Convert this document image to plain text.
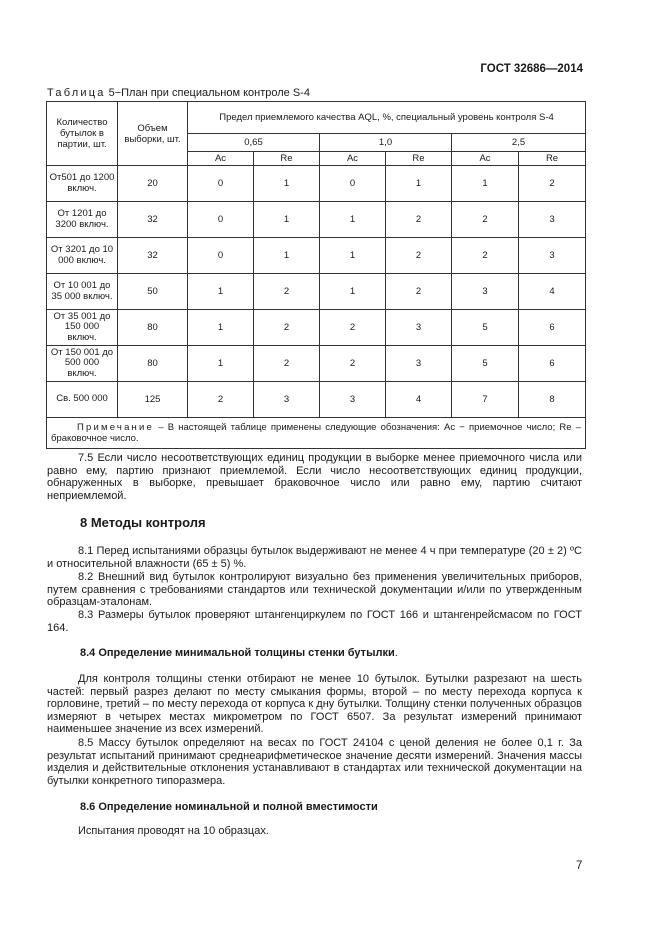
ГОСТ 32686—2014
Таблица 5−План при специальном контроле S-4
Количество бутылок в партии, шт.	Объем выборки, шт.	Предел приемлемого качества AQL, %, специальный уровень контроля S-4					
		0,65		1,0		2,5	
		Ac	Re	Ac	Re	Ac	Re
От501 до 1200 включ.	20	0	1	0	1	1	2
От 1201 до 3200 включ.	32	0	1	1	2	2	3
От 3201 до 10 000 включ.	32	0	1	1	2	2	3
От 10 001 до 35 000 включ.	50	1	2	1	2	3	4
От 35 001 до 150 000 включ.	80	1	2	2	3	5	6
От 150 001 до 500 000 включ.	80	1	2	2	3	5	6
Св. 500 000	125	2	3	3	4	7	8
Примечание – В настоящей таблице применены следующие обозначения: Ас − приемочное число; Re – браковочное число.							
7.5 Если число несоответствующих единиц продукции в выборке менее приемочного числа или равно ему, партию признают приемлемой. Если число несоответствующих единиц продукции, обнаруженных в выборке, превышает браковочное число или равно ему, партию считают неприемлемой.
8 Методы контроля
8.1 Перед испытаниями образцы бутылок выдерживают не менее 4 ч при температуре (20 ± 2) ºС и относительной влажности (65 ± 5) %.
8.2 Внешний вид бутылок контролируют визуально без применения увеличительных приборов, путем сравнения с требованиями стандартов или технической документации и/или по утвержденным образцам-эталонам.
8.3 Размеры бутылок проверяют штангенциркулем по ГОСТ 166 и штангенрейсмасом по ГОСТ 164.
8.4 Определение минимальной толщины стенки бутылки.
Для контроля толщины стенки отбирают не менее 10 бутылок. Бутылки разрезают на шесть частей: первый разрез делают по месту смыкания формы, второй – по месту перехода корпуса к горловине, третий – по месту перехода от корпуса к дну бутылки. Толщину стенки полученных образцов измеряют в четырех местах микрометром по ГОСТ 6507. За результат измерений принимают наименьшее значение из всех измерений.
8.5 Массу бутылок определяют на весах по ГОСТ 24104 с ценой деления не более 0,1 г. За результат испытаний принимают среднеарифметическое значение десяти измерений. Значения массы изделия и действительные отклонения устанавливают в стандартах или технической документации на бутылки конкретного типоразмера.
8.6 Определение номинальной и полной вместимости
Испытания проводят на 10 образцах.
7
